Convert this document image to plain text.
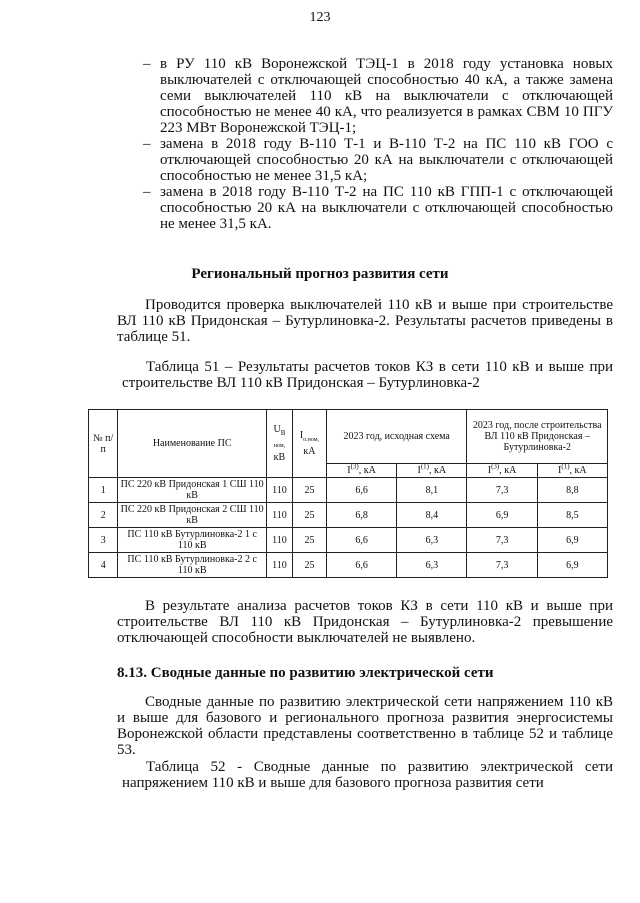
123
– в РУ 110 кВ Воронежской ТЭЦ-1 в 2018 году установка новых выключателей с отключающей способностью 40 кА, а также замена семи выключателей 110 кВ на выключатели с отключающей способностью не менее 40 кА, что реализуется в рамках СВМ 10 ПГУ 223 МВт Воронежской ТЭЦ-1;
– замена в 2018 году В-110 Т-1 и В-110 Т-2 на ПС 110 кВ ГОО с отключающей способностью 20 кА на выключатели с отключающей способностью не менее 31,5 кА;
– замена в 2018 году В-110 Т-2 на ПС 110 кВ ГПП-1 с отключающей способностью 20 кА на выключатели с отключающей способностью не менее 31,5 кА.
Региональный прогноз развития сети

Проводится проверка выключателей 110 кВ и выше при строительстве ВЛ 110 кВ Придонская – Бутурлиновка-2. Результаты расчетов приведены в таблице 51.

Таблица 51 – Результаты расчетов токов КЗ в сети 110 кВ и выше при строительстве ВЛ 110 кВ Придонская – Бутурлиновка-2

№ п/п	Наименование ПС	$U_В$
ном,
кВ	$I_{о.ном,}$
кА	2023 год, исходная схема		2023 год, после строительства ВЛ 110 кВ Придонская – Бутурлиновка-2	
				$I^{(3)}$, кА	$I^{(1)}$, кА	$I^{(3)}$, кА	$I^{(1)}$, кА
1	ПС 220 кВ Придонская 1 СШ 110 кВ	110	25	6,6	8,1	7,3	8,8
2	ПС 220 кВ Придонская 2 СШ 110 кВ	110	25	6,8	8,4	6,9	8,5
3	ПС 110 кВ Бутурлиновка-2 1 с 110 кВ	110	25	6,6	6,3	7,3	6,9
4	ПС 110 кВ Бутурлиновка-2 2 с 110 кВ	110	25	6,6	6,3	7,3	6,9

В результате анализа расчетов токов КЗ в сети 110 кВ и выше при строительстве ВЛ 110 кВ Придонская – Бутурлиновка-2 превышение отключающей способности выключателей не выявлено.

8.13. Сводные данные по развитию электрической сети

Сводные данные по развитию электрической сети напряжением 110 кВ и выше для базового и регионального прогноза развития энергосистемы Воронежской области представлены соответственно в таблице 52 и таблице 53.

Таблица 52 - Сводные данные по развитию электрической сети напряжением 110 кВ и выше для базового прогноза развития сети
